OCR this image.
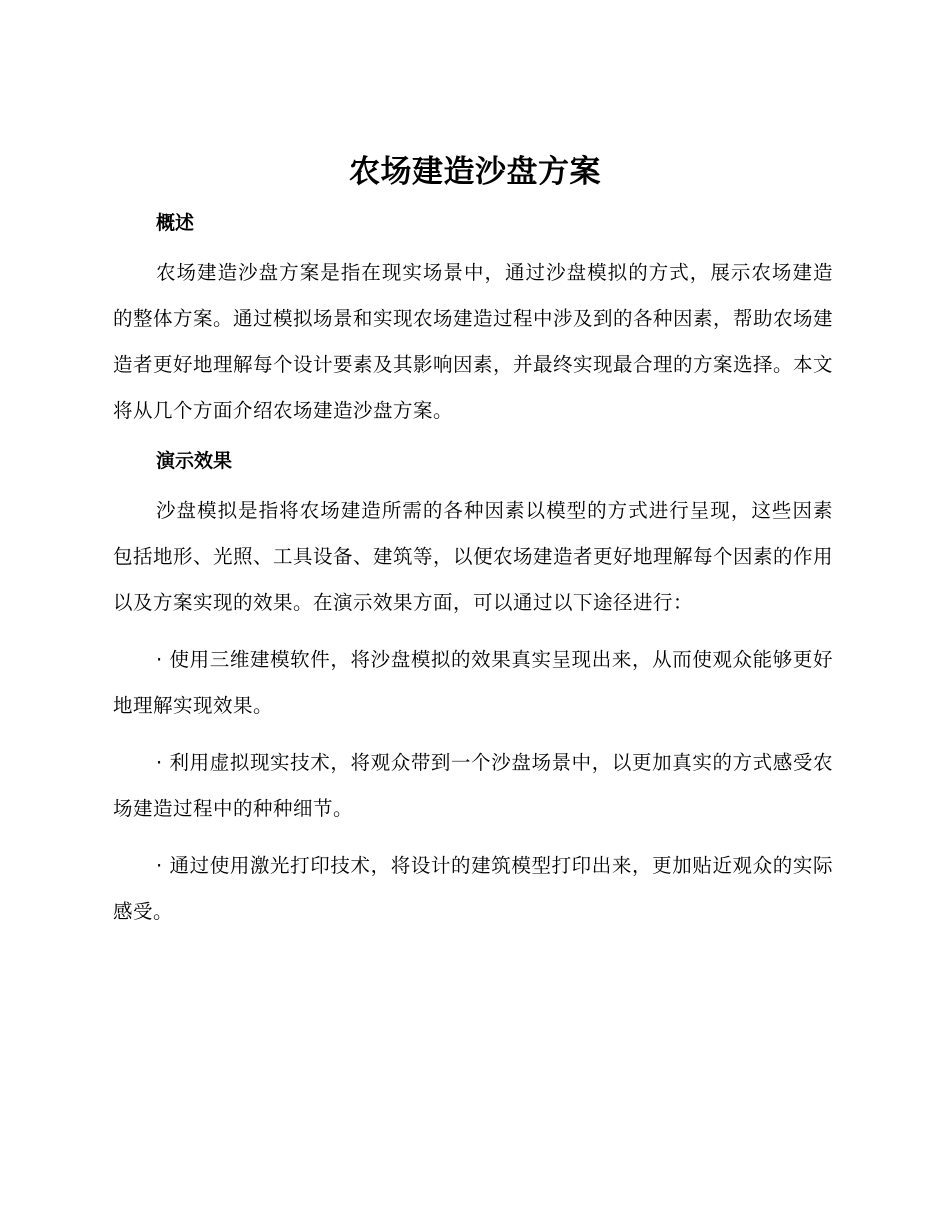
农场建造沙盘方案
概述

农场建造沙盘方案是指在现实场景中，通过沙盘模拟的方式，展示农场建造的整体方案。通过模拟场景和实现农场建造过程中涉及到的各种因素，帮助农场建造者更好地理解每个设计要素及其影响因素，并最终实现最合理的方案选择。本文将从几个方面介绍农场建造沙盘方案。

演示效果

沙盘模拟是指将农场建造所需的各种因素以模型的方式进行呈现，这些因素包括地形、光照、工具设备、建筑等，以便农场建造者更好地理解每个因素的作用以及方案实现的效果。在演示效果方面，可以通过以下途径进行：

· 使用三维建模软件，将沙盘模拟的效果真实呈现出来，从而使观众能够更好地理解实现效果。

· 利用虚拟现实技术，将观众带到一个沙盘场景中，以更加真实的方式感受农场建造过程中的种种细节。

· 通过使用激光打印技术，将设计的建筑模型打印出来，更加贴近观众的实际感受。
